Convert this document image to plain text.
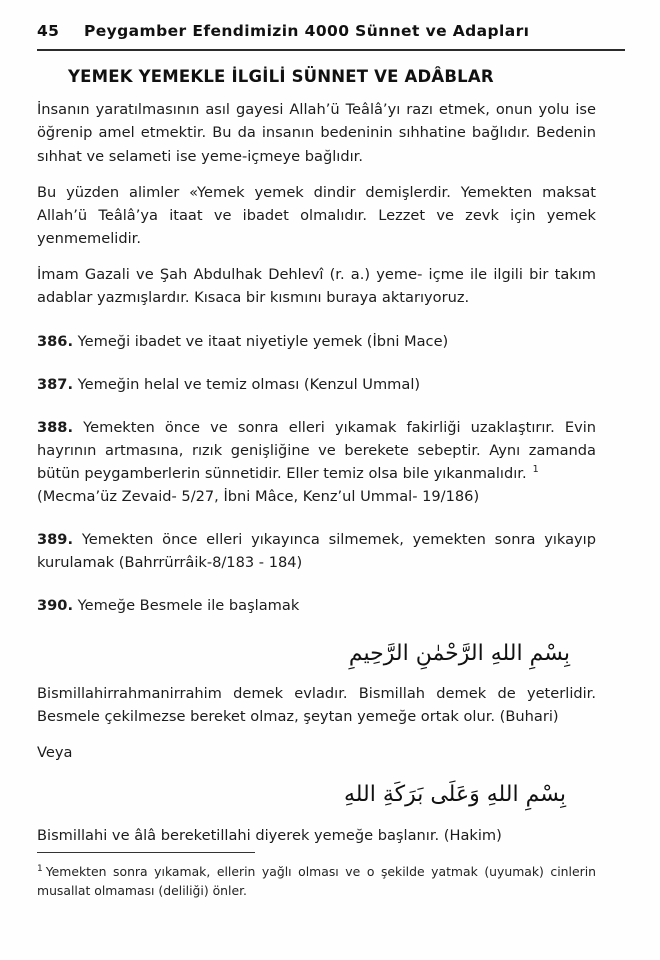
45	Peygamber Efendimizin 4000 Sünnet ve Adapları
YEMEK YEMEKLE İLGİLİ SÜNNET VE ADÂBLAR

İnsanın yaratılmasının asıl gayesi Allah’ü Teâlâ’yı razı etmek, onun yolu ise öğrenip amel etmektir. Bu da insanın bedeninin sıhhatine bağlıdır. Bedenin sıhhat ve selameti ise yeme-içmeye bağlıdır.

Bu yüzden alimler «Yemek yemek dindir demişlerdir. Yemekten maksat Allah’ü Teâlâ’ya itaat ve ibadet olmalıdır. Lezzet ve zevk için yemek yenmemelidir.

İmam Gazali ve Şah Abdulhak Dehlevî (r. a.) yeme- içme ile ilgili bir takım adablar yazmışlardır. Kısaca bir kısmını buraya aktarıyoruz.

386. Yemeği ibadet ve itaat niyetiyle yemek (İbni Mace)

387. Yemeğin helal ve temiz olması (Kenzul Ummal)

388. Yemekten önce ve sonra elleri yıkamak fakirliği uzaklaştırır. Evin hayrının artmasına, rızık genişliğine ve berekete sebeptir. Aynı zamanda bütün peygamberlerin sünnetidir. Eller temiz olsa bile yıkanmalıdır. $^1$
(Mecma’üz Zevaid- 5/27, İbni Mâce, Kenz’ul Ummal- 19/186)

389. Yemekten önce elleri yıkayınca silmemek, yemekten sonra yıkayıp kurulamak (Bahrrürrâik-8/183 - 184)

390. Yemeğe Besmele ile başlamak

بِسْمِ اللهِ الرَّحْمٰنِ الرَّحِيمِ

Bismillahirrahmanirrahim demek evladır. Bismillah demek de yeterlidir. Besmele çekilmezse bereket olmaz, şeytan yemeğe ortak olur. (Buhari)

Veya

بِسْمِ اللهِ وَعَلَى بَرَكَةِ اللهِ

Bismillahi ve âlâ bereketillahi diyerek yemeğe başlanır. (Hakim)

$^1$ Yemekten sonra yıkamak, ellerin yağlı olması ve o şekilde yatmak (uyumak) cinlerin musallat olmaması (deliliği) önler.
